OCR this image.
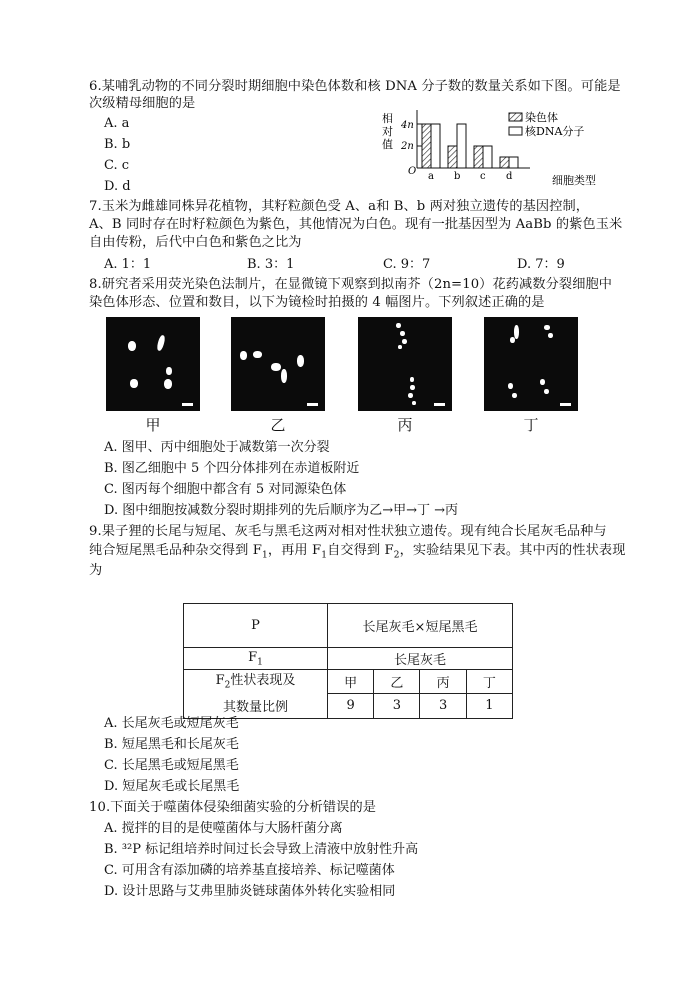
6.某哺乳动物的不同分裂时期细胞中染色体数和核 DNA 分子数的数量关系如下图。可能是
次级精母细胞的是
A. a
B. b
C. c
D. d
相
对
值
4n
2n
O a b c d	细胞类型
染色体
核DNA分子
7.玉米为雌雄同株异花植物，其籽粒颜色受 A、a和 B、b 两对独立遗传的基因控制，
A、B 同时存在时籽粒颜色为紫色，其他情况为白色。现有一批基因型为 AaBb 的紫色玉米
自由传粉，后代中白色和紫色之比为
A. 1：1	B. 3：1	C. 9：7	D. 7：9
8.研究者采用荧光染色法制片，在显微镜下观察到拟南芥（2n=10）花药减数分裂细胞中
染色体形态、位置和数目，以下为镜检时拍摄的 4 幅图片。下列叙述正确的是
甲	乙	丙	丁
A. 图甲、丙中细胞处于减数第一次分裂
B. 图乙细胞中 5 个四分体排列在赤道板附近
C. 图丙每个细胞中都含有 5 对同源染色体
D. 图中细胞按减数分裂时期排列的先后顺序为乙→甲→丁 →丙
9.果子狸的长尾与短尾、灰毛与黑毛这两对相对性状独立遗传。现有纯合长尾灰毛品种与
纯合短尾黑毛品种杂交得到 $F_1$，再用 $F_1$自交得到 $F_2$，实验结果见下表。其中丙的性状表现
为
P	长尾灰毛×短尾黑毛			
$F_1$	长尾灰毛			
$F_2$性状表现及
其数量比例	甲	乙	丙	丁
	9	3	3	1
A. 长尾灰毛或短尾灰毛
B. 短尾黑毛和长尾灰毛
C. 长尾黑毛或短尾黑毛
D. 短尾灰毛或长尾黑毛
10.下面关于噬菌体侵染细菌实验的分析错误的是
A. 搅拌的目的是使噬菌体与大肠杆菌分离
B. ³²P 标记组培养时间过长会导致上清液中放射性升高
C. 可用含有添加磷的培养基直接培养、标记噬菌体
D. 设计思路与艾弗里肺炎链球菌体外转化实验相同
